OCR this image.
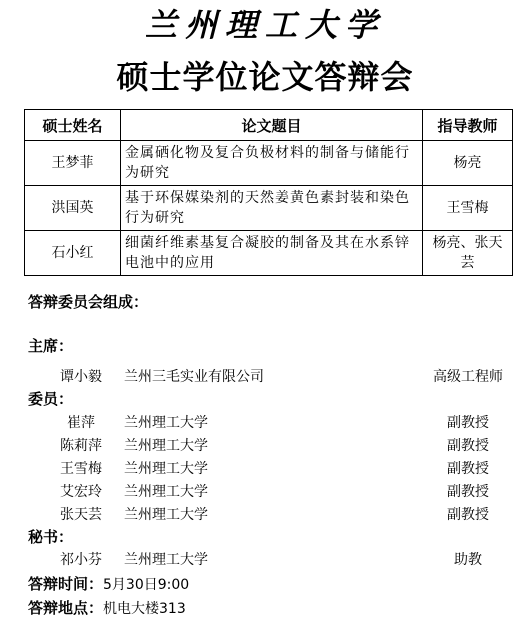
兰州理工大学
硕士学位论文答辩会
硕士姓名	论文题目	指导教师
王梦菲	金属硒化物及复合负极材料的制备与储能行为研究	杨亮
洪国英	基于环保媒染剂的天然姜黄色素封装和染色行为研究	王雪梅
石小红	细菌纤维素基复合凝胶的制备及其在水系锌电池中的应用	杨亮、张天芸
答辩委员会组成：
主席：
谭小毅	兰州三毛实业有限公司	高级工程师
委员：
崔萍	兰州理工大学	副教授
陈莉萍	兰州理工大学	副教授
王雪梅	兰州理工大学	副教授
艾宏玲	兰州理工大学	副教授
张天芸	兰州理工大学	副教授
秘书：
祁小芬	兰州理工大学	助教
答辩时间：5月30日9:00
答辩地点：机电大楼313
